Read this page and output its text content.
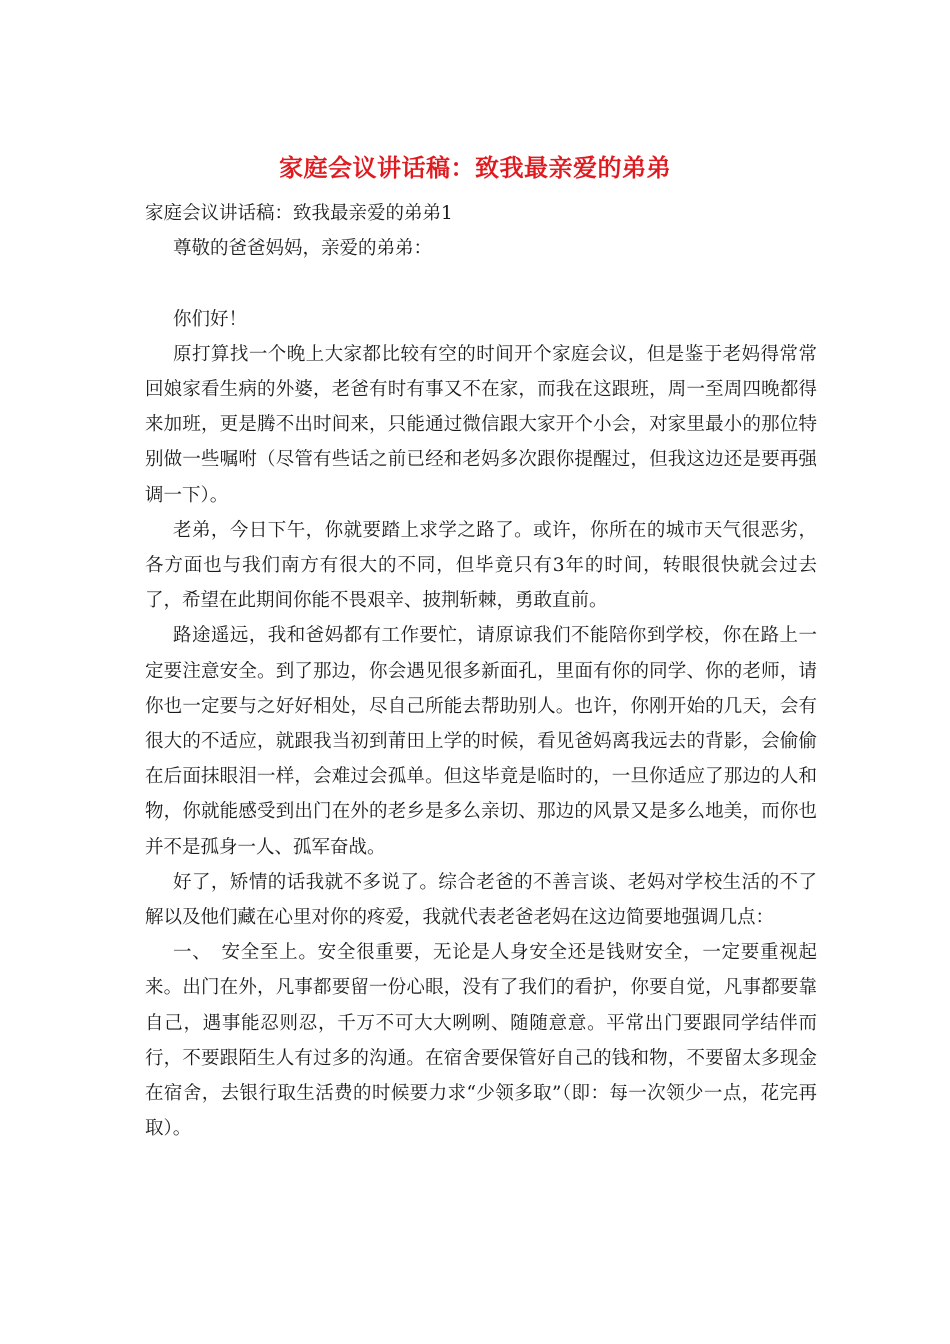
家庭会议讲话稿：致我最亲爱的弟弟

家庭会议讲话稿：致我最亲爱的弟弟1

尊敬的爸爸妈妈，亲爱的弟弟：

你们好！

原打算找一个晚上大家都比较有空的时间开个家庭会议，但是鉴于老妈得常常回娘家看生病的外婆，老爸有时有事又不在家，而我在这跟班，周一至周四晚都得来加班，更是腾不出时间来，只能通过微信跟大家开个小会，对家里最小的那位特别做一些嘱咐（尽管有些话之前已经和老妈多次跟你提醒过，但我这边还是要再强调一下）。

老弟，今日下午，你就要踏上求学之路了。或许，你所在的城市天气很恶劣，各方面也与我们南方有很大的不同，但毕竟只有3年的时间，转眼很快就会过去了，希望在此期间你能不畏艰辛、披荆斩棘，勇敢直前。

路途遥远，我和爸妈都有工作要忙，请原谅我们不能陪你到学校，你在路上一定要注意安全。到了那边，你会遇见很多新面孔，里面有你的同学、你的老师，请你也一定要与之好好相处，尽自己所能去帮助别人。也许，你刚开始的几天，会有很大的不适应，就跟我当初到莆田上学的时候，看见爸妈离我远去的背影，会偷偷在后面抹眼泪一样，会难过会孤单。但这毕竟是临时的，一旦你适应了那边的人和物，你就能感受到出门在外的老乡是多么亲切、那边的风景又是多么地美，而你也并不是孤身一人、孤军奋战。

好了，矫情的话我就不多说了。综合老爸的不善言谈、老妈对学校生活的不了解以及他们藏在心里对你的疼爱，我就代表老爸老妈在这边简要地强调几点：

一、　安全至上。安全很重要，无论是人身安全还是钱财安全，一定要重视起来。出门在外，凡事都要留一份心眼，没有了我们的看护，你要自觉，凡事都要靠自己，遇事能忍则忍，千万不可大大咧咧、随随意意。平常出门要跟同学结伴而行，不要跟陌生人有过多的沟通。在宿舍要保管好自己的钱和物，不要留太多现金在宿舍，去银行取生活费的时候要力求“少领多取”（即：每一次领少一点，花完再取）。
